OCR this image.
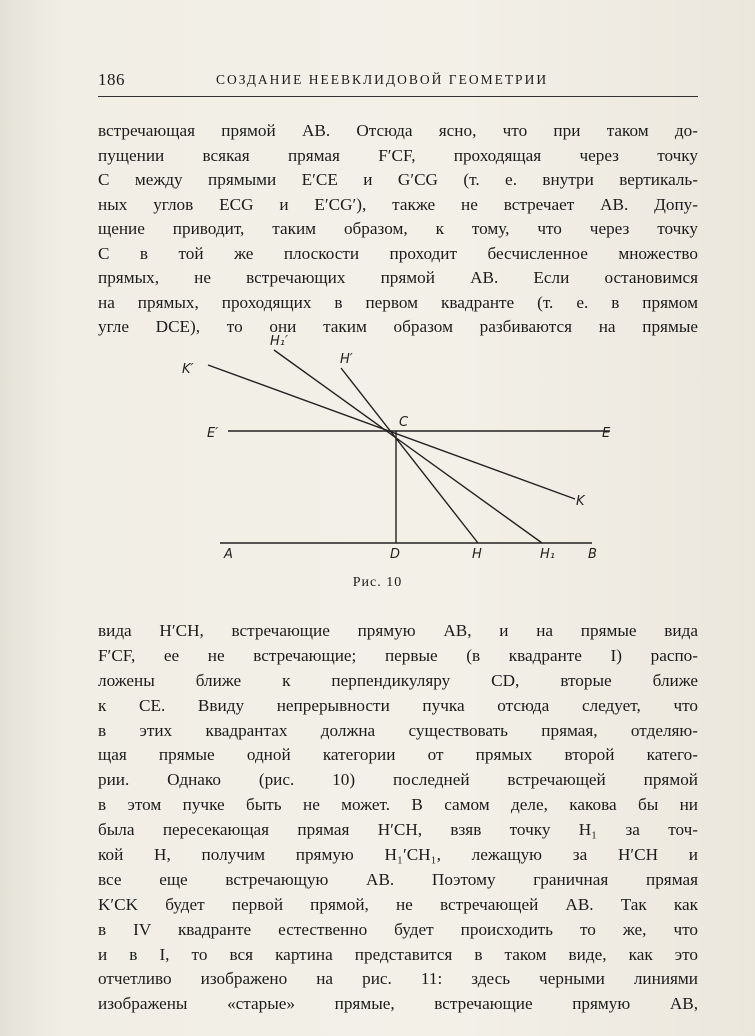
186	СОЗДАНИЕ НЕЕВКЛИДОВОЙ ГЕОМЕТРИИ
встречающая прямой AB. Отсюда ясно, что при таком до-
пущении всякая прямая F′CF, проходящая через точку
C между прямыми E′CE и G′CG (т. е. внутри вертикаль-
ных углов ECG и E′CG′), также не встречает AB. Допу-
щение приводит, таким образом, к тому, что через точку
C в той же плоскости проходит бесчисленное множество
прямых, не встречающих прямой AB. Если остановимся
на прямых, проходящих в первом квадранте (т. е. в прямом
угле DCE), то они таким образом разбиваются на прямые
H₁′
H′
K′
E′
C
E
K
A	D	H	H₁	B
Рис. 10
вида H′CH, встречающие прямую AB, и на прямые вида
F′CF, ее не встречающие; первые (в квадранте I) распо-
ложены ближе к перпендикуляру CD, вторые ближе
к CE. Ввиду непрерывности пучка отсюда следует, что
в этих квадрантах должна существовать прямая, отделяю-
щая прямые одной категории от прямых второй катего-
рии. Однако (рис. 10) последней встречающей прямой
в этом пучке быть не может. В самом деле, какова бы ни
была пересекающая прямая H′CH, взяв точку H₁ за точ-
кой H, получим прямую H₁′CH₁, лежащую за H′CH и
все еще встречающую AB. Поэтому граничная прямая
K′CK будет первой прямой, не встречающей AB. Так как
в IV квадранте естественно будет происходить то же, что
и в I, то вся картина представится в таком виде, как это
отчетливо изображено на рис. 11: здесь черными линиями
изображены «старые» прямые, встречающие прямую AB,
